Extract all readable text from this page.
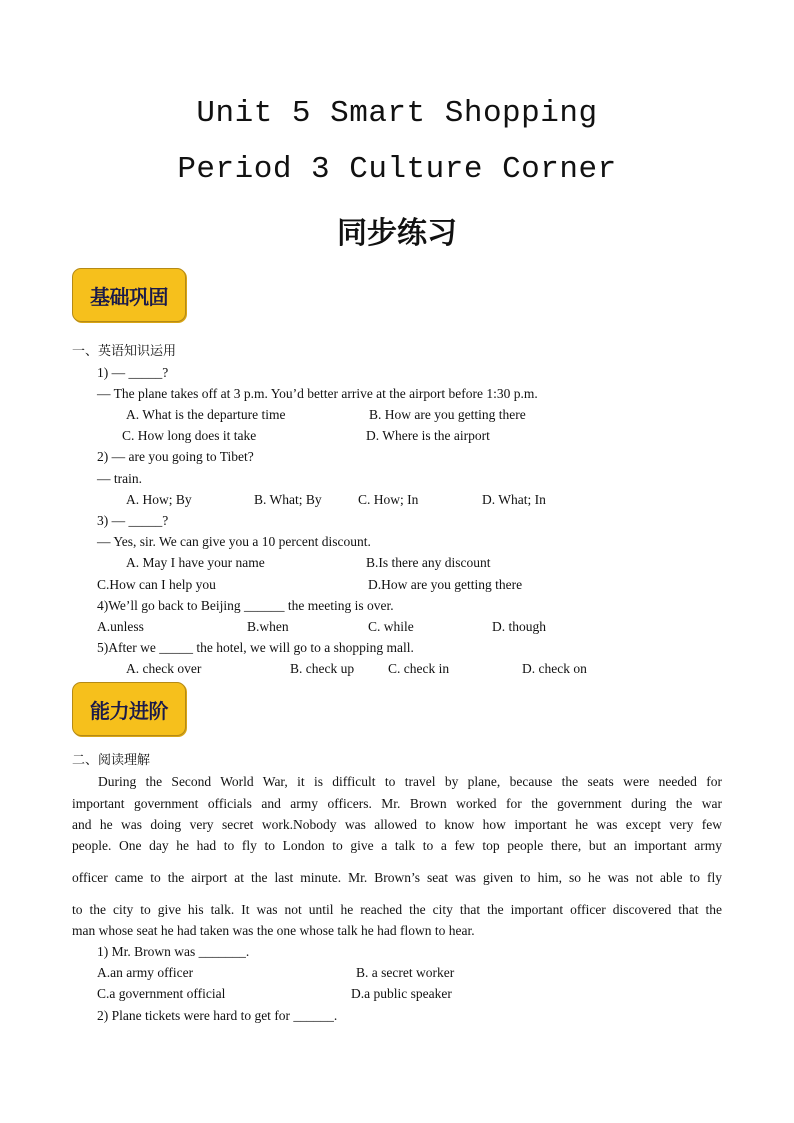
Unit 5 Smart Shopping
Period 3 Culture Corner
同步练习
基础巩固
一、英语知识运用
1) — _____?
— The plane takes off at 3 p.m. You’d better arrive at the airport before 1:30 p.m.
A. What is the departure time	B. How are you getting there
C. How long does it take	D. Where is the airport
2) — are you going to Tibet?
— train.
A. How; By	B. What; By	C. How; In	D. What; In
3) — _____?
— Yes, sir. We can give you a 10 percent discount.
A. May I have your name	B.Is there any discount
C.How can I help you	D.How are you getting there
4)We’ll go back to Beijing ______ the meeting is over.
A.unless	B.when	C. while	D. though
5)After we _____ the hotel, we will go to a shopping mall.
A. check over	B. check up	C. check in	D. check on
能力进阶
二、阅读理解
During the Second World War, it is difficult to travel by plane, because the seats were needed for
important government officials and army officers. Mr. Brown worked for the government during the war
and he was doing very secret work.Nobody was allowed to know how important he was except very few
people. One day he had to fly to London to give a talk to a few top people there, but an important army
officer came to the airport at the last minute. Mr. Brown’s seat was given to him, so he was not able to fly
to the city to give his talk. It was not until he reached the city that the important officer discovered that the
man whose seat he had taken was the one whose talk he had flown to hear.
1) Mr. Brown was _______.
A.an army officer	B. a secret worker
C.a government official	D.a public speaker
2) Plane tickets were hard to get for ______.
